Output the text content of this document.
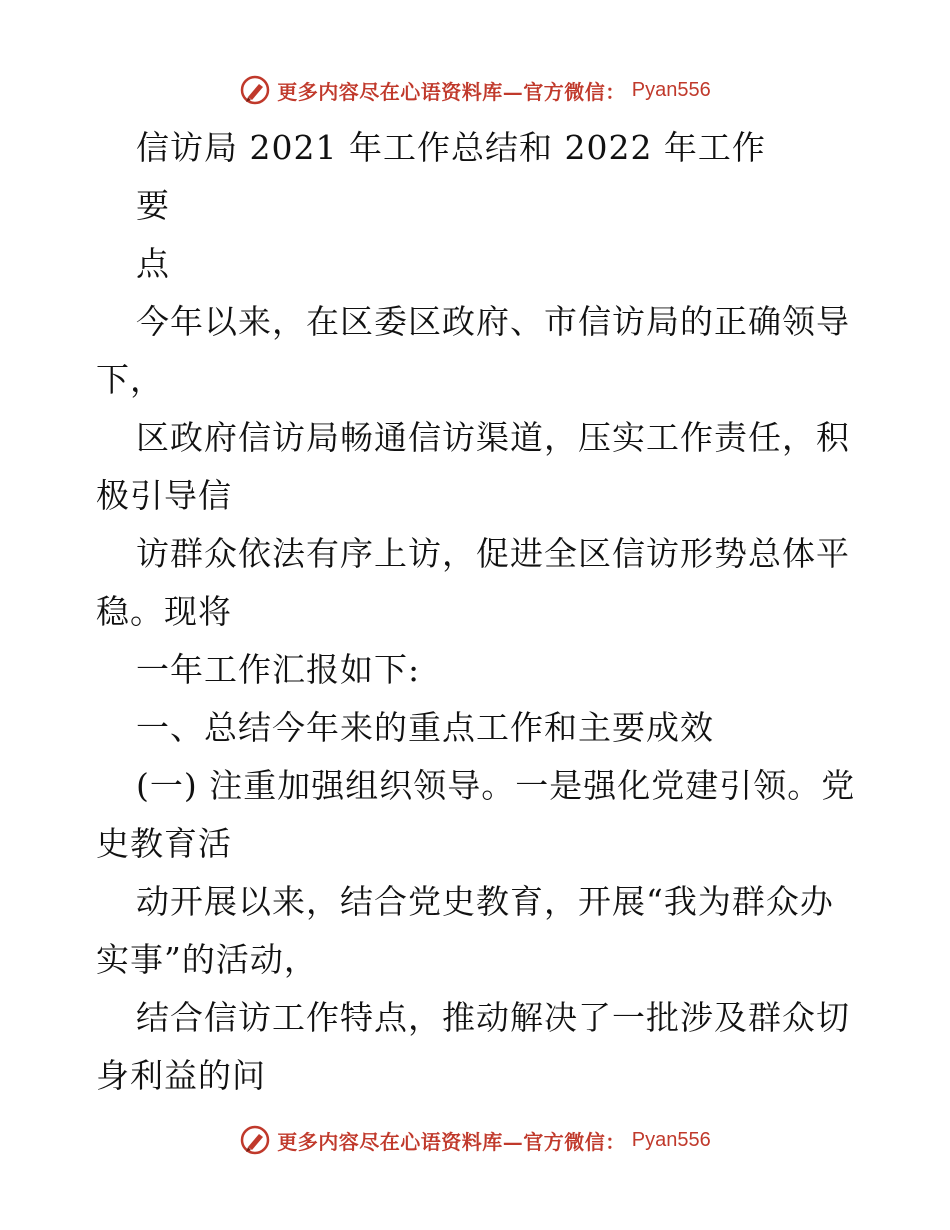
更多内容尽在心语资料库—官方微信： Pyan556
信访局 2021 年工作总结和 2022 年工作
要
点
今年以来，在区委区政府、市信访局的正确领导
下，
区政府信访局畅通信访渠道，压实工作责任，积
极引导信
访群众依法有序上访，促进全区信访形势总体平
稳。现将
一年工作汇报如下:
一、总结今年来的重点工作和主要成效
(一) 注重加强组织领导。一是强化党建引领。党
史教育活
动开展以来，结合党史教育，开展“我为群众办
实事”的活动，
结合信访工作特点，推动解决了一批涉及群众切
身利益的问
更多内容尽在心语资料库—官方微信： Pyan556
